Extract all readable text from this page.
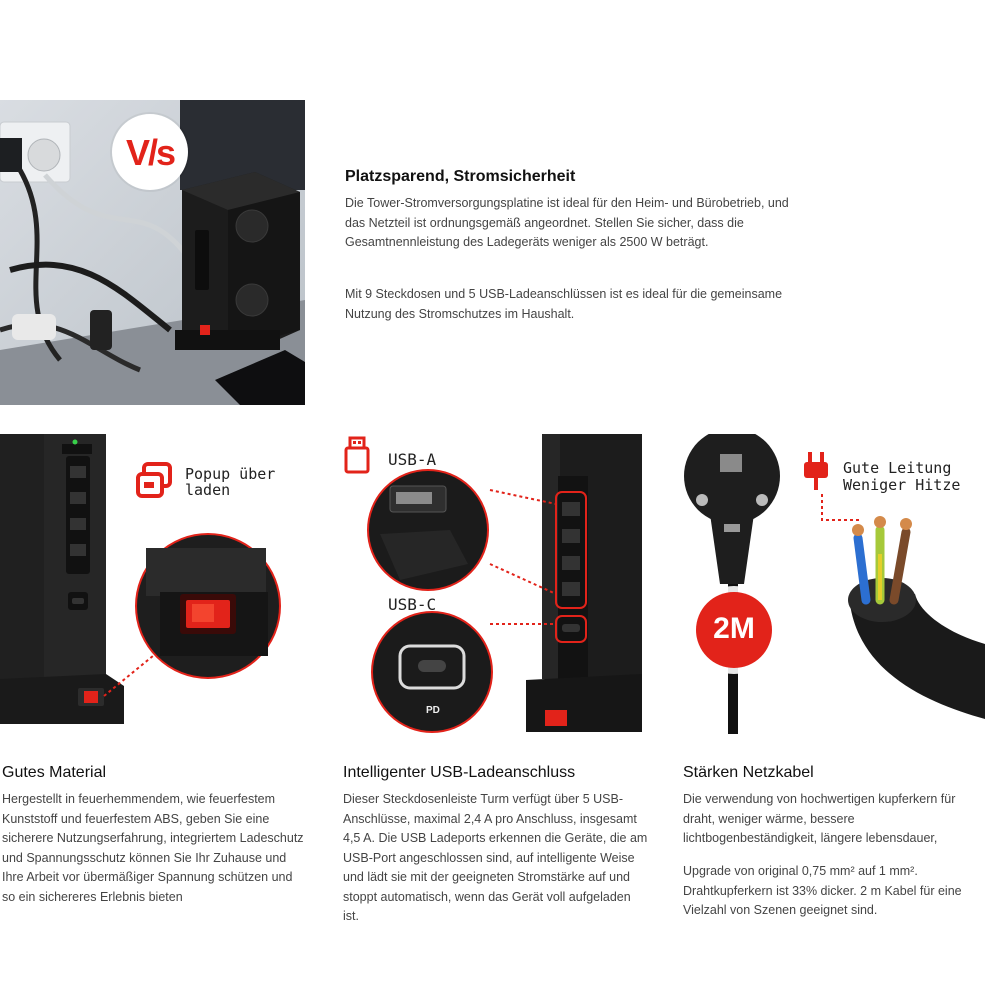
V/s
Platzsparend, Stromsicherheit

Die Tower-Stromversorgungsplatine ist ideal für den Heim- und Bürobetrieb, und das Netzteil ist ordnungsgemäß angeordnet. Stellen Sie sicher, dass die Gesamtnennleistung des Ladegeräts weniger als 2500 W beträgt.

Mit 9 Steckdosen und 5 USB-Ladeanschlüssen ist es ideal für die gemeinsame Nutzung des Stromschutzes im Haushalt.

Popup über
laden
USB-A
USB-C
PD
Gute Leitung
Weniger Hitze
2M
Gutes Material

Hergestellt in feuerhemmendem, wie feuerfestem Kunststoff und feuerfestem ABS, geben Sie eine sicherere Nutzungserfahrung, integriertem Ladeschutz und Spannungsschutz können Sie Ihr Zuhause und Ihre Arbeit vor übermäßiger Spannung schützen und so ein sichereres Erlebnis bieten

Intelligenter USB-Ladeanschluss

Dieser Steckdosenleiste Turm verfügt über 5 USB-Anschlüsse, maximal 2,4 A pro Anschluss, insgesamt 4,5 A. Die USB Ladeports erkennen die Geräte, die am USB-Port angeschlossen sind, auf intelligente Weise und lädt sie mit der geeigneten Stromstärke auf und stoppt automatisch, wenn das Gerät voll aufgeladen ist.

Stärken Netzkabel

Die verwendung von hochwertigen kupferkern für draht, weniger wärme, bessere lichtbogenbeständigkeit, längere lebensdauer,

Upgrade von original 0,75 mm² auf 1 mm². Drahtkupferkern ist 33% dicker. 2 m Kabel für eine Vielzahl von Szenen geeignet sind.
